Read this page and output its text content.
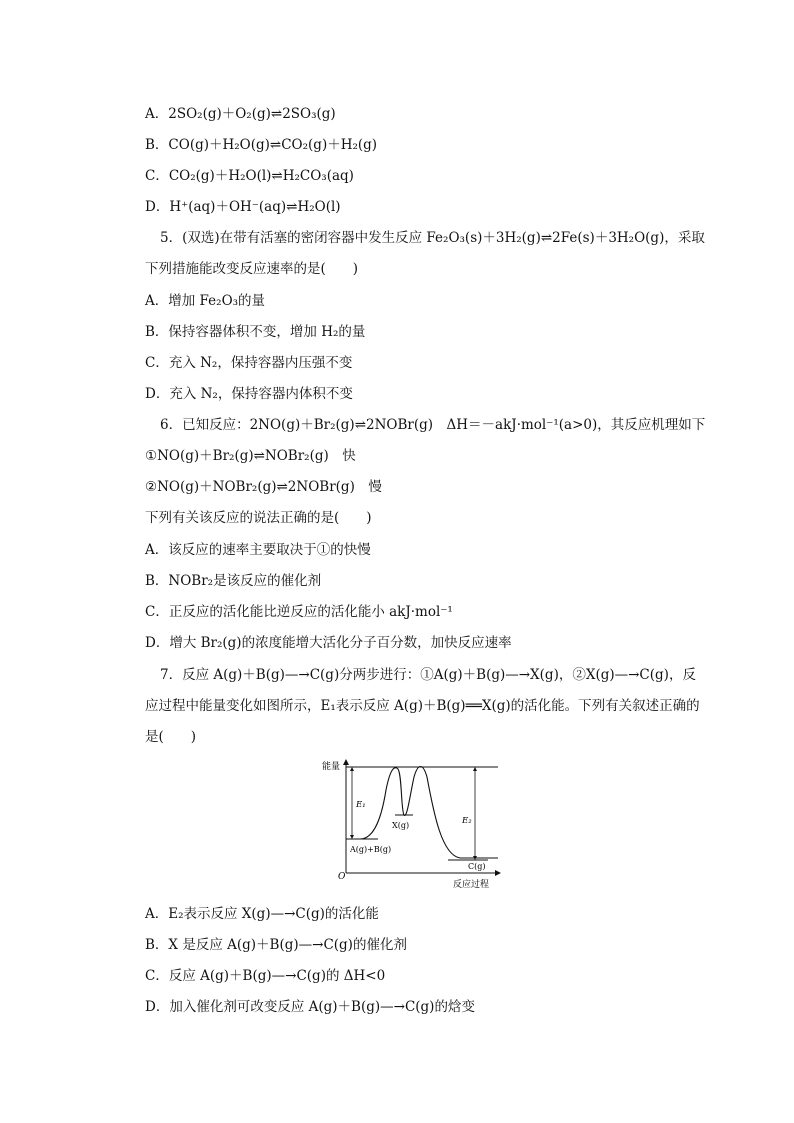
A．2SO₂(g)＋O₂(g)⇌2SO₃(g)
B．CO(g)＋H₂O(g)⇌CO₂(g)＋H₂(g)
C．CO₂(g)＋H₂O(l)⇌H₂CO₃(aq)
D．H⁺(aq)＋OH⁻(aq)⇌H₂O(l)
5．(双选)在带有活塞的密闭容器中发生反应 Fe₂O₃(s)＋3H₂(g)⇌2Fe(s)＋3H₂O(g)，采取
下列措施能改变反应速率的是(　　)
A．增加 Fe₂O₃的量
B．保持容器体积不变，增加 H₂的量
C．充入 N₂，保持容器内压强不变
D．充入 N₂，保持容器内体积不变
6．已知反应：2NO(g)＋Br₂(g)⇌2NOBr(g)　ΔH＝－akJ·mol⁻¹(a>0)，其反应机理如下
①NO(g)＋Br₂(g)⇌NOBr₂(g)　快
②NO(g)＋NOBr₂(g)⇌2NOBr(g)　慢
下列有关该反应的说法正确的是(　　)
A．该反应的速率主要取决于①的快慢
B．NOBr₂是该反应的催化剂
C．正反应的活化能比逆反应的活化能小 akJ·mol⁻¹
D．增大 Br₂(g)的浓度能增大活化分子百分数，加快反应速率
7．反应 A(g)＋B(g)—→C(g)分两步进行：①A(g)＋B(g)—→X(g)，②X(g)—→C(g)，反
应过程中能量变化如图所示，E₁表示反应 A(g)＋B(g)══X(g)的活化能。下列有关叙述正确的
是(　　)
能量
反应过程
O
E₁
E₂
X(g)
A(g)+B(g)
C(g)
A．E₂表示反应 X(g)—→C(g)的活化能
B．X 是反应 A(g)＋B(g)—→C(g)的催化剂
C．反应 A(g)＋B(g)—→C(g)的 ΔH<0
D．加入催化剂可改变反应 A(g)＋B(g)—→C(g)的焓变
